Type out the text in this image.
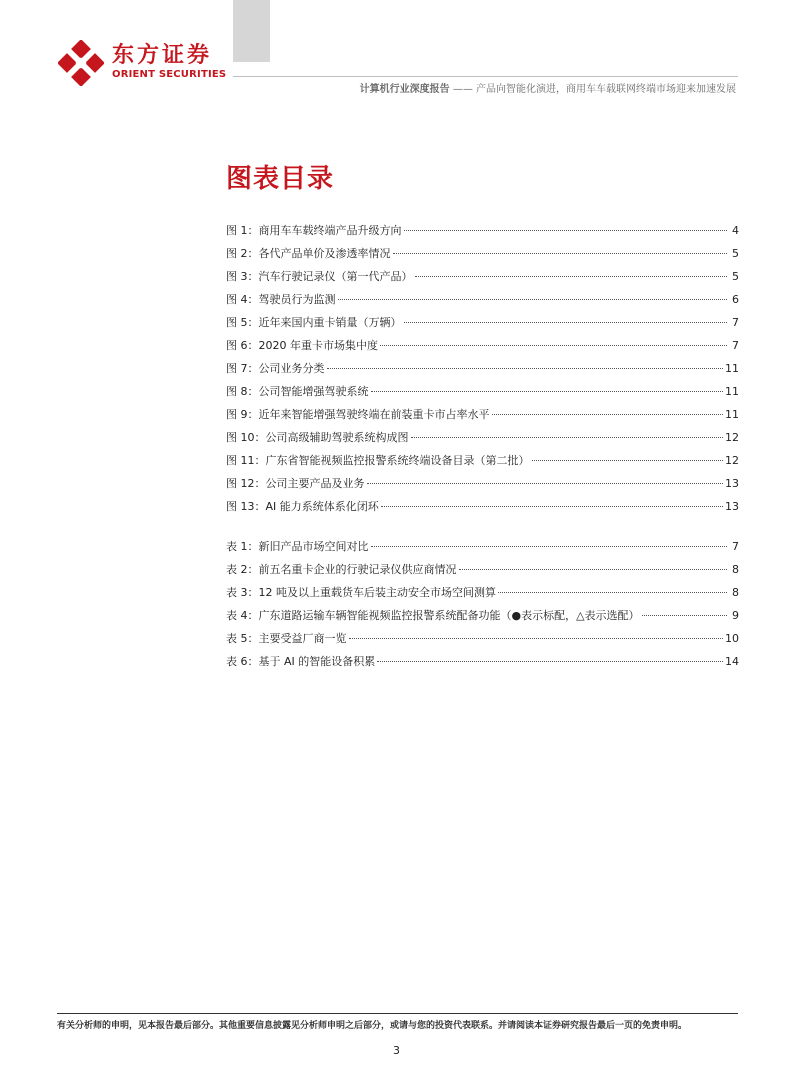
东方证券
ORIENT SECURITIES
计算机行业深度报告 —— 产品向智能化演进，商用车车载联网终端市场迎来加速发展
图表目录
图 1：商用车车载终端产品升级方向	4
图 2：各代产品单价及渗透率情况	5
图 3：汽车行驶记录仪（第一代产品）	5
图 4：驾驶员行为监测	6
图 5：近年来国内重卡销量（万辆）	7
图 6：2020 年重卡市场集中度	7
图 7：公司业务分类	11
图 8：公司智能增强驾驶系统	11
图 9：近年来智能增强驾驶终端在前装重卡市占率水平	11
图 10：公司高级辅助驾驶系统构成图	12
图 11：广东省智能视频监控报警系统终端设备目录（第二批）	12
图 12：公司主要产品及业务	13
图 13：AI 能力系统体系化闭环	13
表 1：新旧产品市场空间对比	7
表 2：前五名重卡企业的行驶记录仪供应商情况	8
表 3：12 吨及以上重载货车后装主动安全市场空间测算	8
表 4：广东道路运输车辆智能视频监控报警系统配备功能（●表示标配，△表示选配）	9
表 5：主要受益厂商一览	10
表 6：基于 AI 的智能设备积累	14
有关分析师的申明，见本报告最后部分。其他重要信息披露见分析师申明之后部分，或请与您的投资代表联系。并请阅读本证券研究报告最后一页的免责申明。
3
